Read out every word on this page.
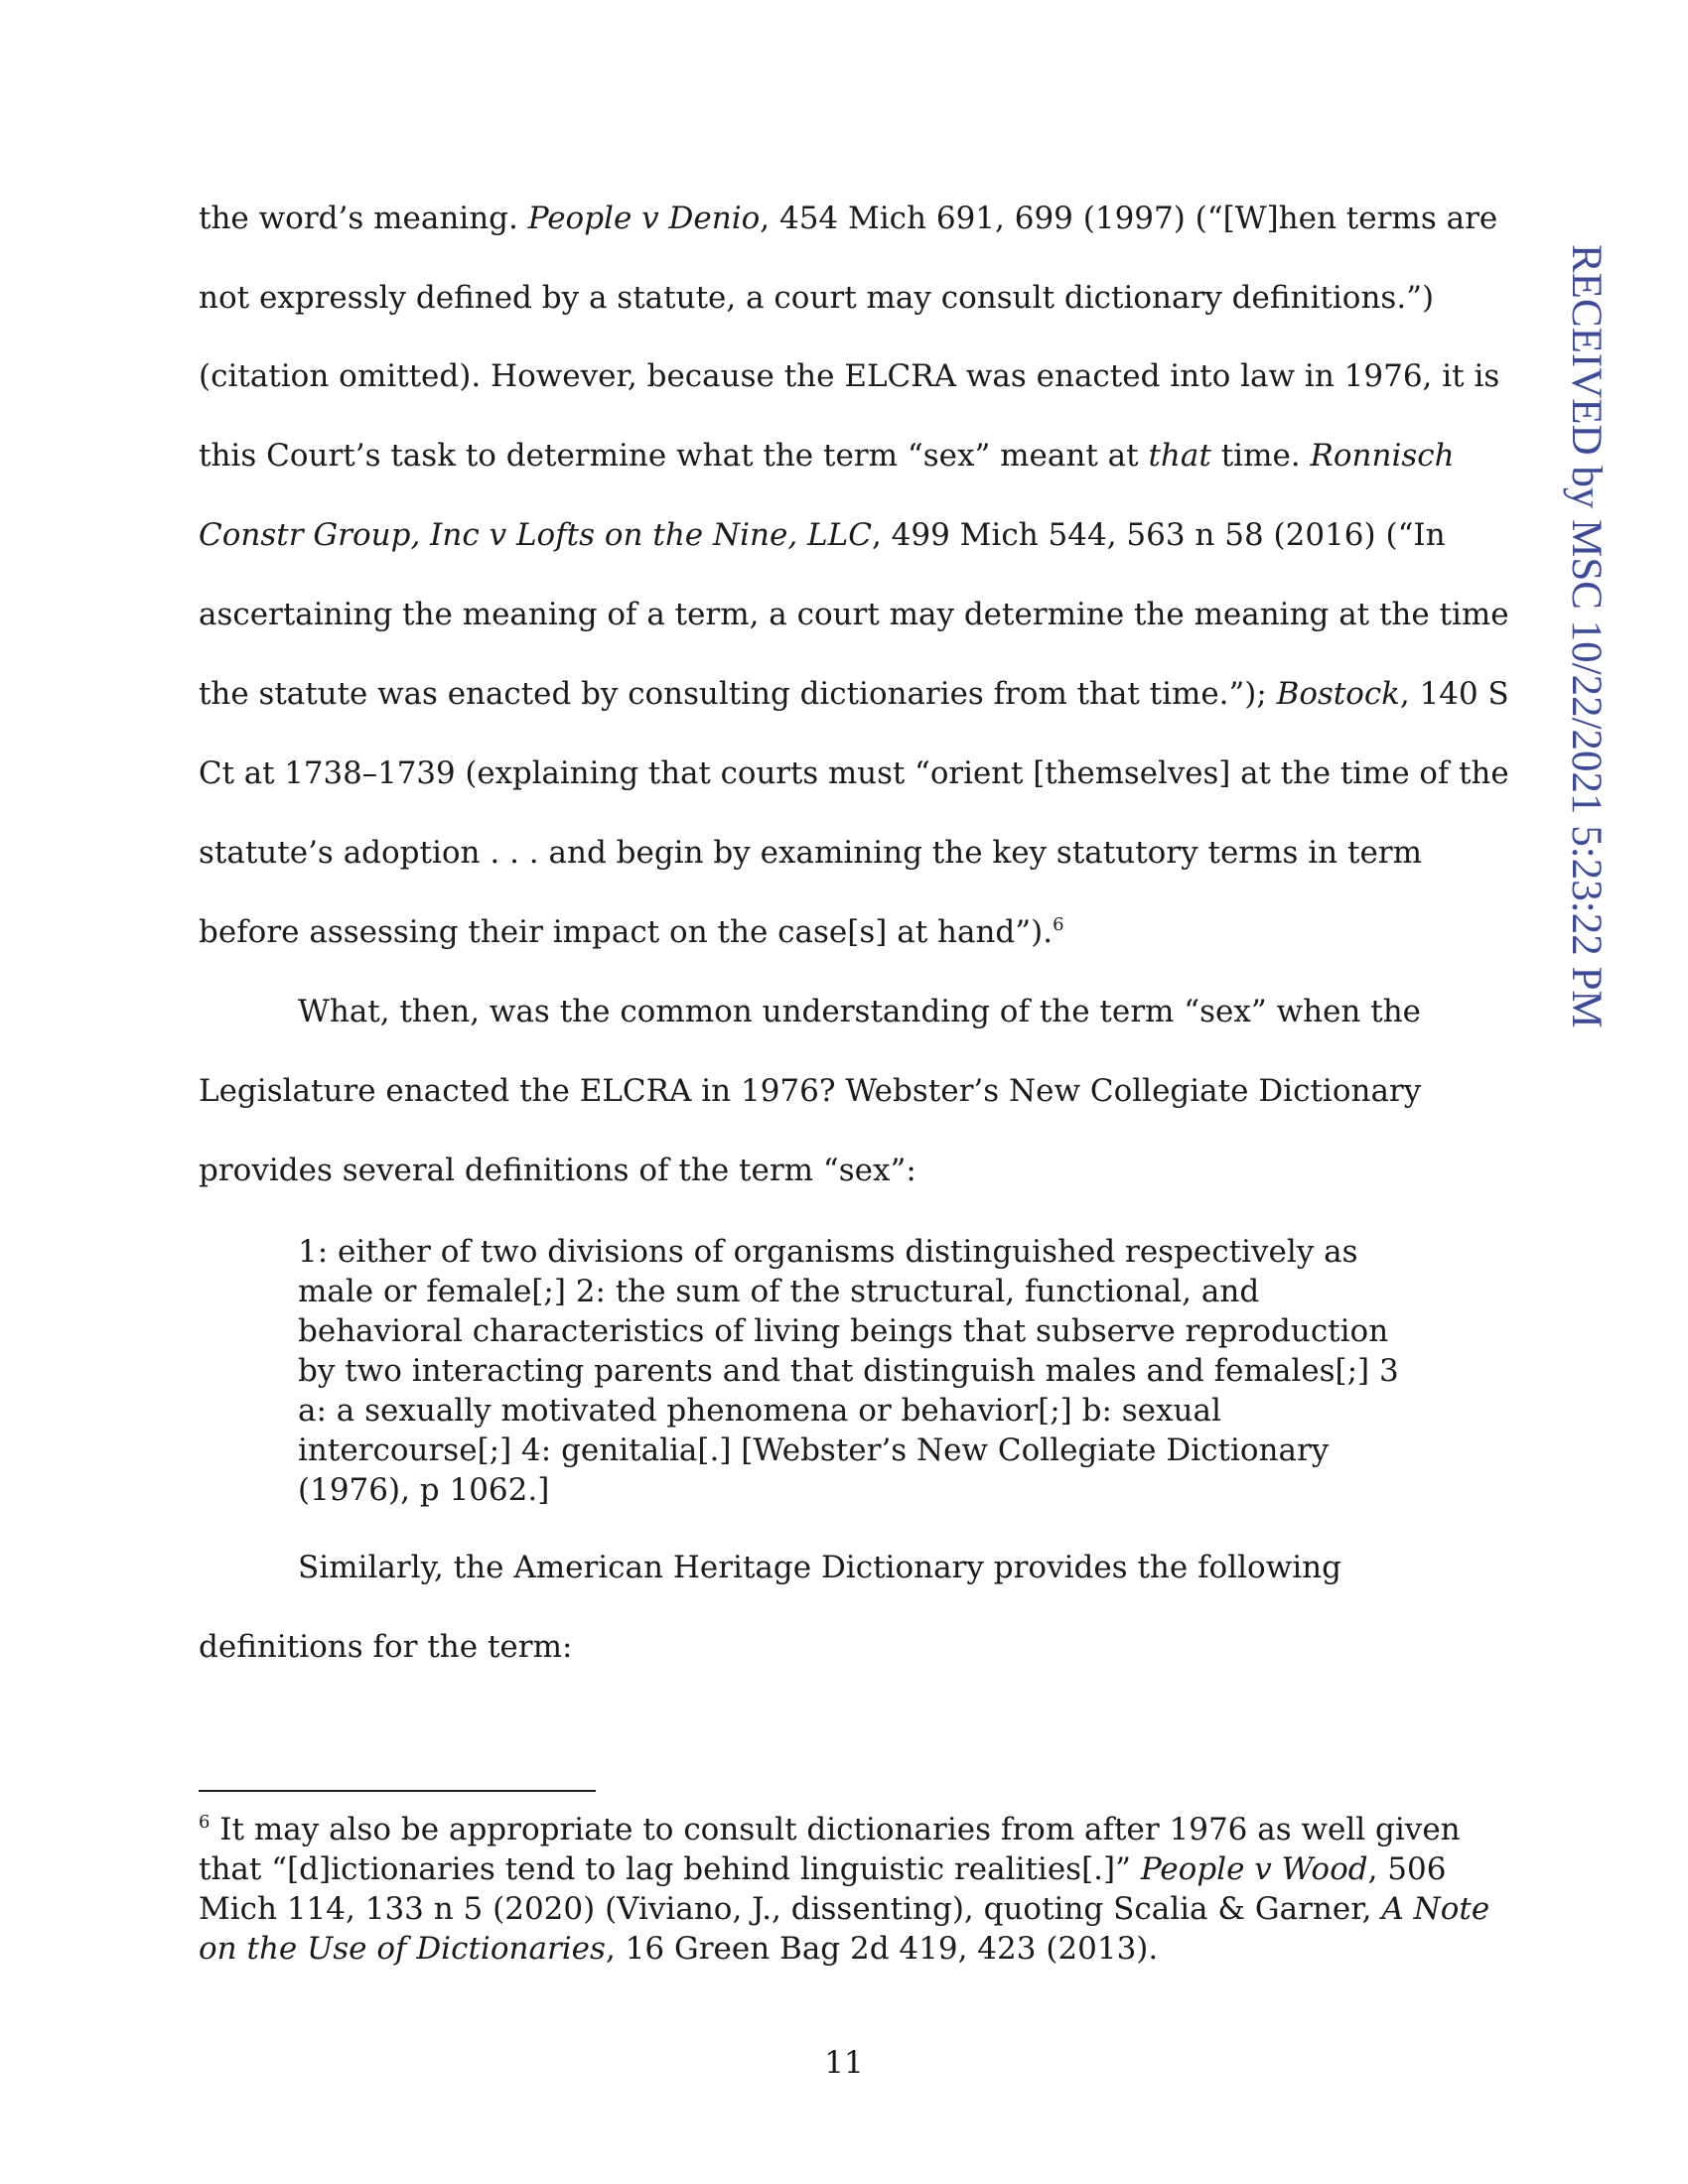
RECEIVED by MSC 10/22/2021 5:23:22 PM
the word’s meaning. People v Denio, 454 Mich 691, 699 (1997) (“[W]hen terms are
not expressly defined by a statute, a court may consult dictionary definitions.”)
(citation omitted). However, because the ELCRA was enacted into law in 1976, it is
this Court’s task to determine what the term “sex” meant at that time. Ronnisch
Constr Group, Inc v Lofts on the Nine, LLC, 499 Mich 544, 563 n 58 (2016) (“In
ascertaining the meaning of a term, a court may determine the meaning at the time
the statute was enacted by consulting dictionaries from that time.”); Bostock, 140 S
Ct at 1738–1739 (explaining that courts must “orient [themselves] at the time of the
statute’s adoption . . . and begin by examining the key statutory terms in term
before assessing their impact on the case[s] at hand”).$^6$
What, then, was the common understanding of the term “sex” when the
Legislature enacted the ELCRA in 1976? Webster’s New Collegiate Dictionary
provides several definitions of the term “sex”:
1: either of two divisions of organisms distinguished respectively as
male or female[;] 2: the sum of the structural, functional, and
behavioral characteristics of living beings that subserve reproduction
by two interacting parents and that distinguish males and females[;] 3
a: a sexually motivated phenomena or behavior[;] b: sexual
intercourse[;] 4: genitalia[.] [Webster’s New Collegiate Dictionary
(1976), p 1062.]
Similarly, the American Heritage Dictionary provides the following
definitions for the term:
$^6$ It may also be appropriate to consult dictionaries from after 1976 as well given
that “[d]ictionaries tend to lag behind linguistic realities[.]” People v Wood, 506
Mich 114, 133 n 5 (2020) (Viviano, J., dissenting), quoting Scalia & Garner, A Note
on the Use of Dictionaries, 16 Green Bag 2d 419, 423 (2013).
11
